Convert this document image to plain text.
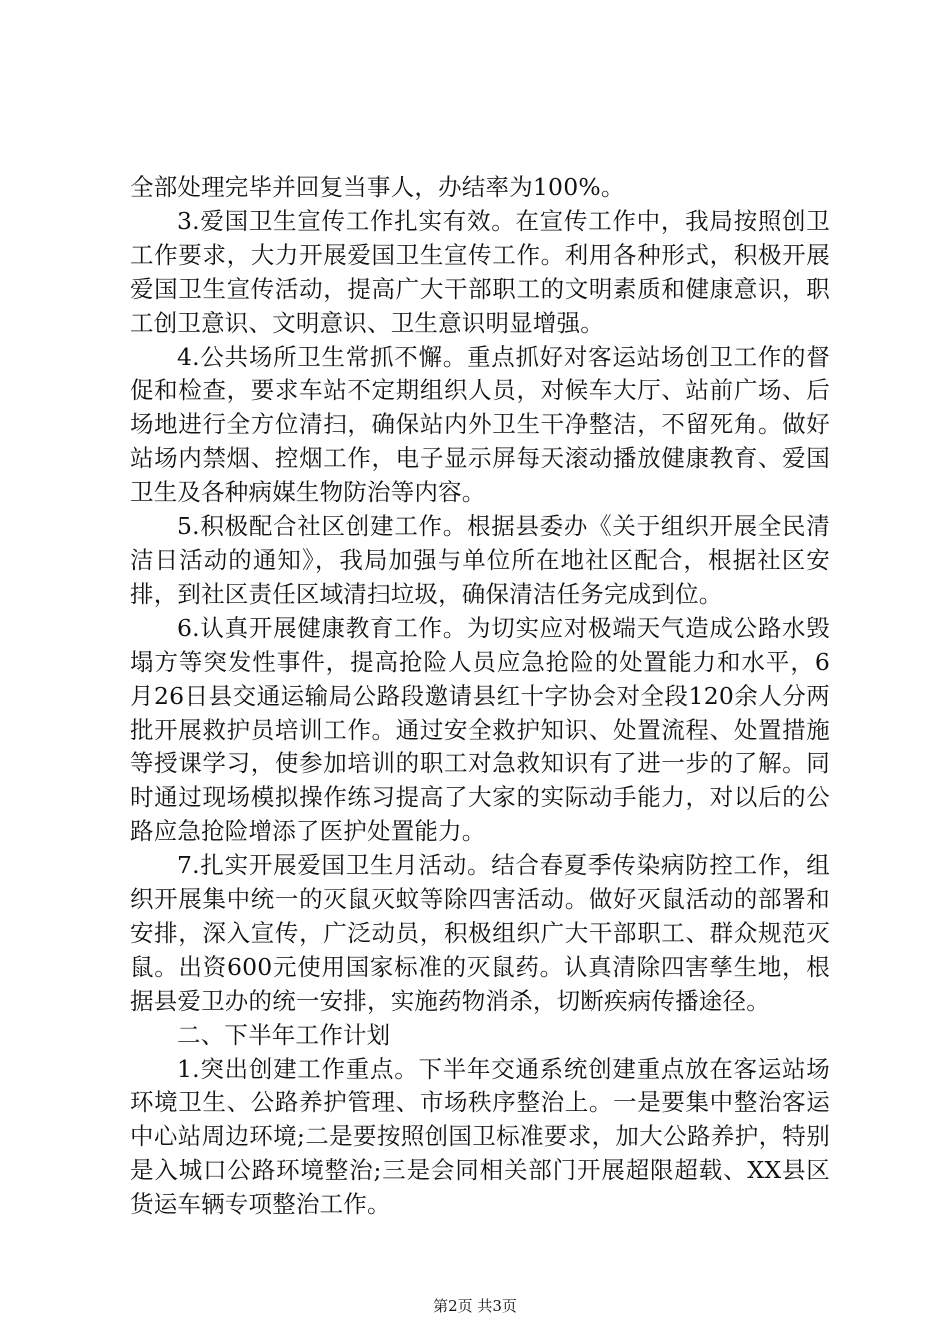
全部处理完毕并回复当事人，办结率为100%。

3.爱国卫生宣传工作扎实有效。在宣传工作中，我局按照创卫工作要求，大力开展爱国卫生宣传工作。利用各种形式，积极开展爱国卫生宣传活动，提高广大干部职工的文明素质和健康意识，职工创卫意识、文明意识、卫生意识明显增强。

4.公共场所卫生常抓不懈。重点抓好对客运站场创卫工作的督促和检查，要求车站不定期组织人员，对候车大厅、站前广场、后场地进行全方位清扫，确保站内外卫生干净整洁，不留死角。做好站场内禁烟、控烟工作，电子显示屏每天滚动播放健康教育、爱国卫生及各种病媒生物防治等内容。

5.积极配合社区创建工作。根据县委办《关于组织开展全民清洁日活动的通知》，我局加强与单位所在地社区配合，根据社区安排，到社区责任区域清扫垃圾，确保清洁任务完成到位。

6.认真开展健康教育工作。为切实应对极端天气造成公路水毁塌方等突发性事件，提高抢险人员应急抢险的处置能力和水平，6月26日县交通运输局公路段邀请县红十字协会对全段120余人分两批开展救护员培训工作。通过安全救护知识、处置流程、处置措施等授课学习，使参加培训的职工对急救知识有了进一步的了解。同时通过现场模拟操作练习提高了大家的实际动手能力，对以后的公路应急抢险增添了医护处置能力。

7.扎实开展爱国卫生月活动。结合春夏季传染病防控工作，组织开展集中统一的灭鼠灭蚊等除四害活动。做好灭鼠活动的部署和安排，深入宣传，广泛动员，积极组织广大干部职工、群众规范灭鼠。出资600元使用国家标准的灭鼠药。认真清除四害孳生地，根据县爱卫办的统一安排，实施药物消杀，切断疾病传播途径。

二、下半年工作计划

1.突出创建工作重点。下半年交通系统创建重点放在客运站场环境卫生、公路养护管理、市场秩序整治上。一是要集中整治客运中心站周边环境;二是要按照创国卫标准要求，加大公路养护，特别是入城口公路环境整治;三是会同相关部门开展超限超载、XX县区货运车辆专项整治工作。

第2页 共3页
